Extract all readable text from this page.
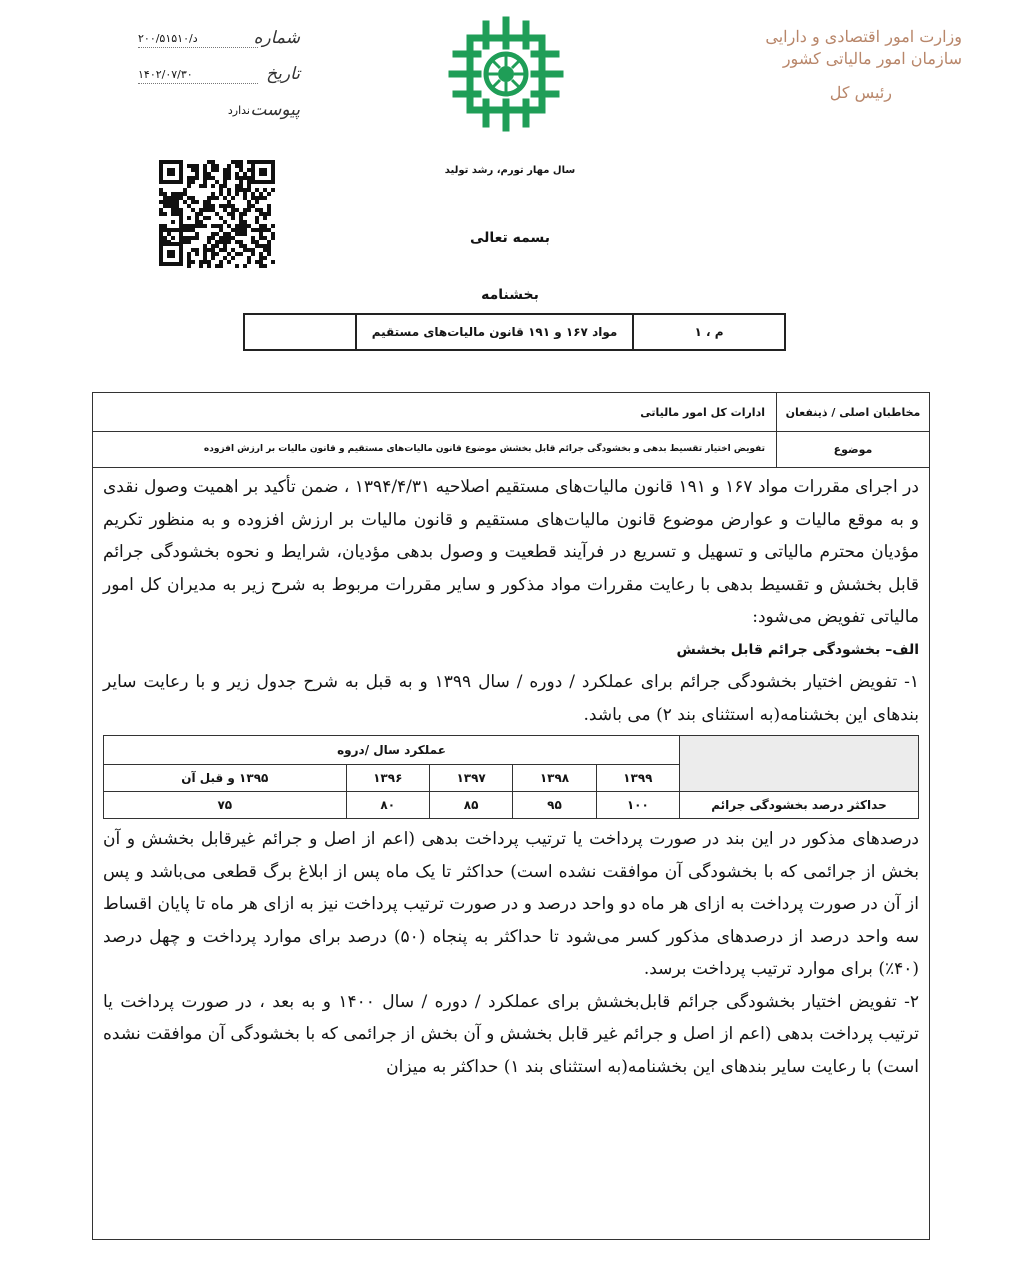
وزارت امور اقتصادی و دارایی
سازمان امور مالیاتی کشور
رئیس کل
سال مهار تورم، رشد تولید
شماره
۲۰۰/۵۱۵۱۰/د
تاریخ
۱۴۰۲/۰۷/۳۰
پیوست
ندارد
بسمه تعالی
بخشنامه
م ، ۱
مواد ۱۶۷ و ۱۹۱ قانون مالیات‌های مستقیم
مخاطبان اصلی / ذینفعان
ادارات کل امور مالیاتی
موضوع
تفویض اختیار تقسیط بدهی و بخشودگی جرائم قابل بخشش موضوع قانون مالیات‌های مستقیم و قانون مالیات بر ارزش افزوده

در اجرای مقررات مواد ۱۶۷ و ۱۹۱ قانون مالیات‌های مستقیم اصلاحیه ۱۳۹۴/۴/۳۱ ، ضمن تأکید بر اهمیت وصول نقدی و به موقع مالیات و عوارض موضوع قانون مالیات‌های مستقیم و قانون مالیات بر ارزش افزوده و به منظور تکریم مؤدیان محترم مالیاتی و تسهیل و تسریع در فرآیند قطعیت و وصول بدهی مؤدیان، شرایط و نحوه بخشودگی جرائم قابل بخشش و تقسیط بدهی با رعایت مقررات مواد مذکور و سایر مقررات مربوط به شرح زیر به مدیران کل امور مالیاتی تفویض می‌شود:

الف– بخشودگی جرائم قابل بخشش

۱- تفویض اختیار بخشودگی جرائم برای عملکرد / دوره / سال ۱۳۹۹ و به قبل به شرح جدول زیر و با رعایت سایر بندهای این بخشنامه(به استثنای بند ۲) می باشد.

	عملکرد سال /دروه				
	۱۳۹۹	۱۳۹۸	۱۳۹۷	۱۳۹۶	۱۳۹۵ و قبل آن
حداکثر درصد بخشودگی جرائم	۱۰۰	۹۵	۸۵	۸۰	۷۵

درصدهای مذکور در این بند در صورت پرداخت یا ترتیب پرداخت بدهی (اعم از اصل و جرائم غیرقابل بخشش و آن بخش از جرائمی که با بخشودگی آن موافقت نشده است) حداکثر تا یک ماه پس از ابلاغ برگ قطعی می‌باشد و پس از آن در صورت پرداخت به ازای هر ماه دو واحد درصد و در صورت ترتیب پرداخت نیز به ازای هر ماه تا پایان اقساط سه واحد درصد از درصدهای مذکور کسر می‌شود تا حداکثر به پنجاه (۵۰) درصد برای موارد پرداخت و چهل درصد (۴۰٪) برای موارد ترتیب پرداخت برسد.

۲- تفویض اختیار بخشودگی جرائم قابل‌بخشش برای عملکرد / دوره / سال ۱۴۰۰ و به بعد ، در صورت پرداخت یا ترتیب پرداخت بدهی (اعم از اصل و جرائم غیر قابل بخشش و آن بخش از جرائمی که با بخشودگی آن موافقت نشده است) با رعایت سایر بندهای این بخشنامه(به استثنای بند ۱) حداکثر به میزان
